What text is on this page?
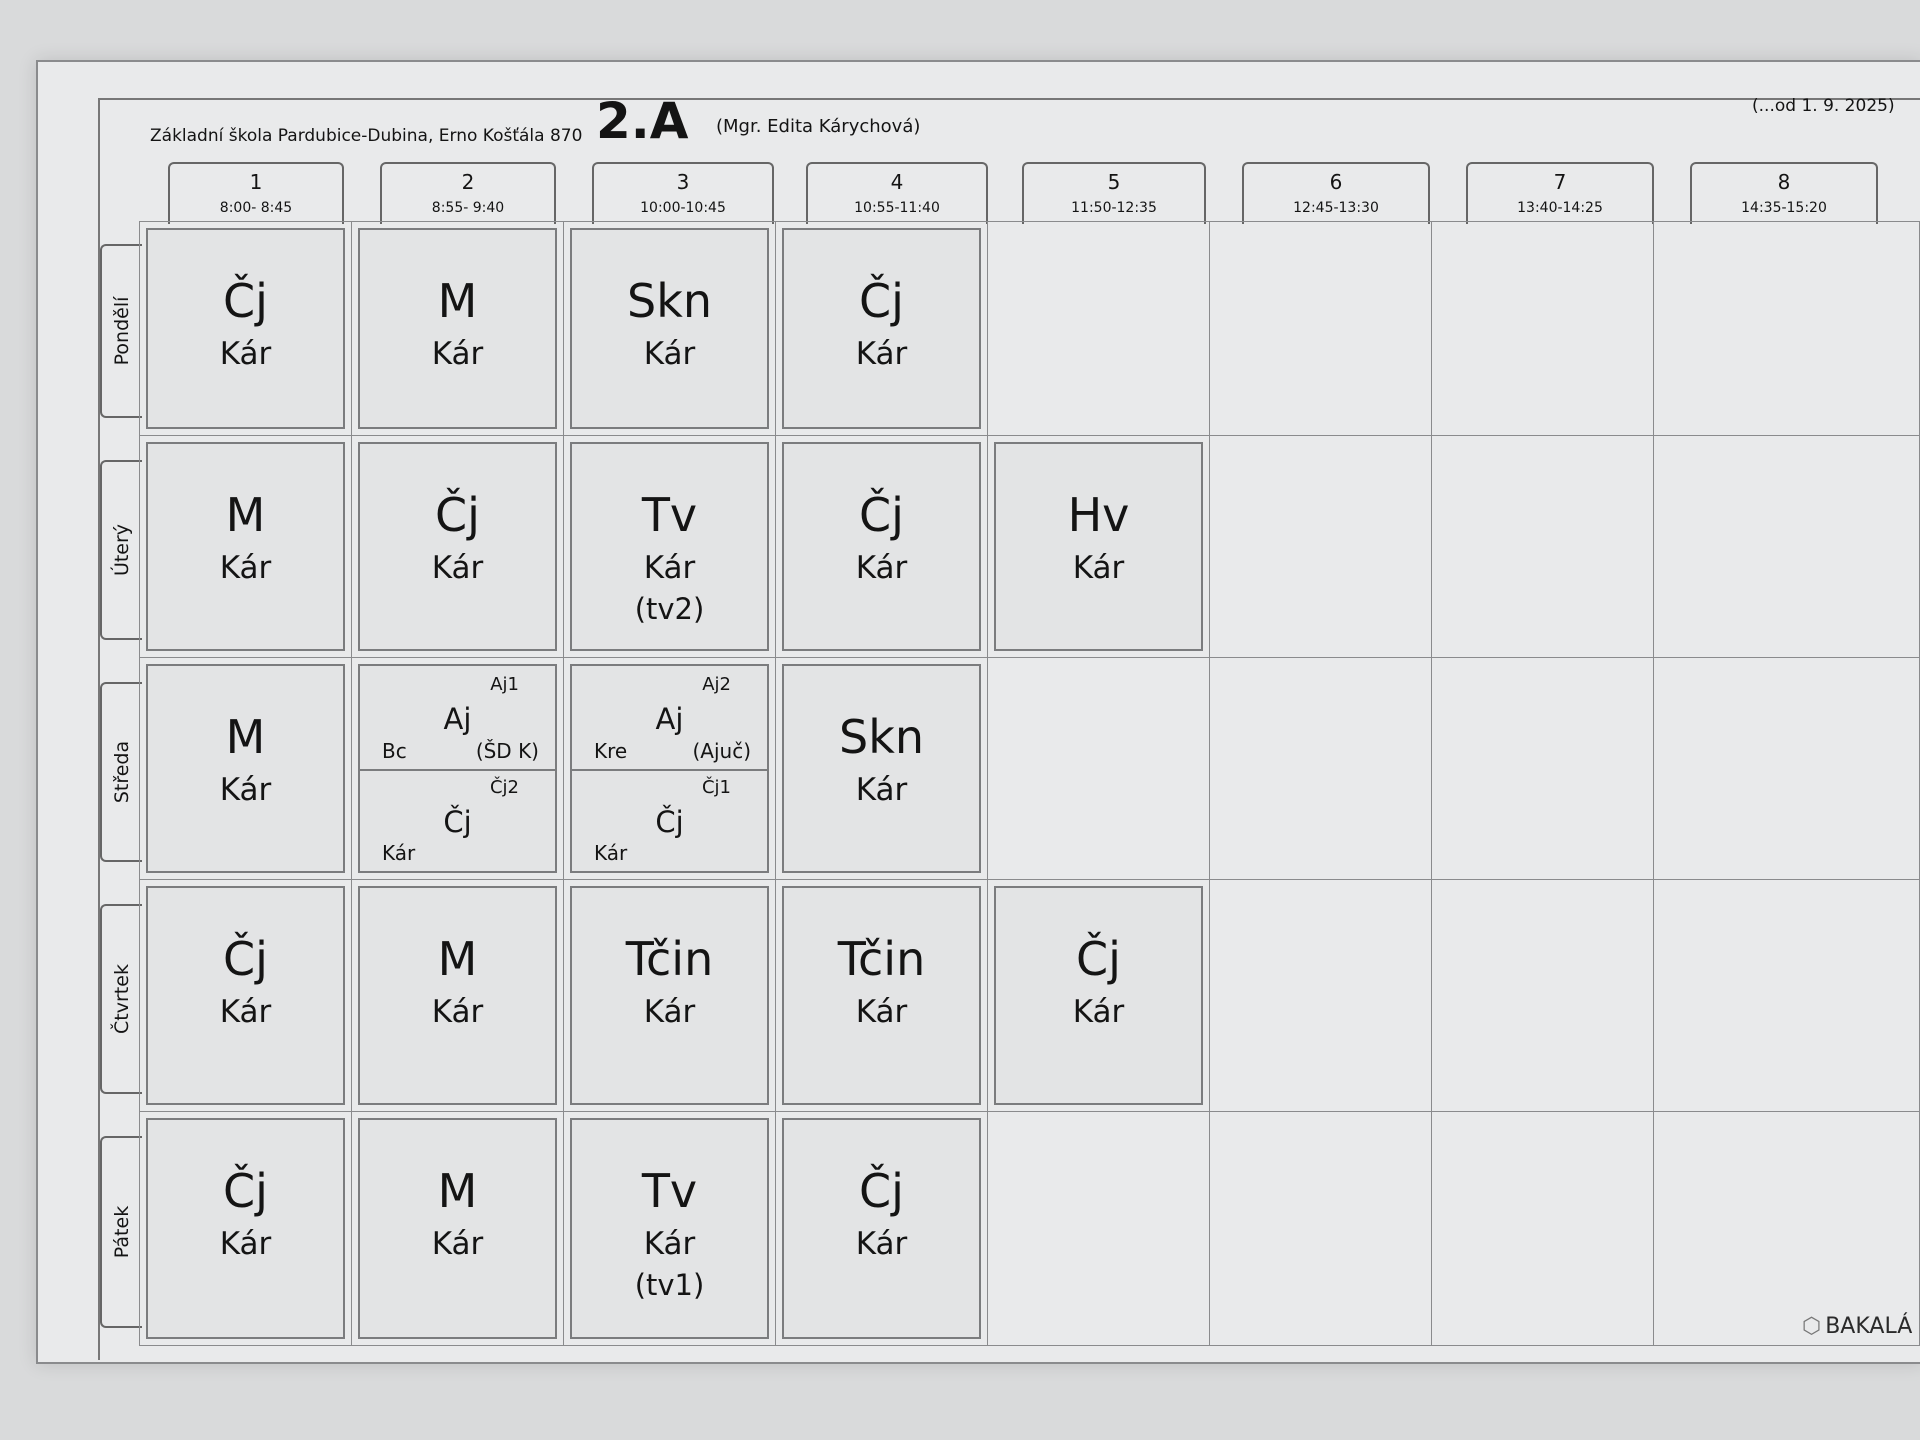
Základní škola Pardubice-Dubina, Erno Košťála 870 2.A (Mgr. Edita Kárychová)
(...od 1. 9. 2025)
1
8:00- 8:45
2
8:55- 9:40
3
10:00-10:45
4
10:55-11:40
5
11:50-12:35
6
12:45-13:30
7
13:40-14:25
8
14:35-15:20
Pondělí
Úterý
Středa
Čtvrtek
Pátek
Čj
Kár
M
Kár
Skn
Kár
Čj
Kár
M
Kár
Čj
Kár
Tv
Kár
(tv2)
Čj
Kár
Hv
Kár
M
Kár
Aj1
Aj
Bc	(ŠD K)
Čj2
Čj
Kár
Aj2
Aj
Kre	(Ajuč)
Čj1
Čj
Kár
Skn
Kár
Čj
Kár
M
Kár
Tčin
Kár
Tčin
Kár
Čj
Kár
Čj
Kár
M
Kár
Tv
Kár
(tv1)
Čj
Kár
⬡ BAKALÁ
